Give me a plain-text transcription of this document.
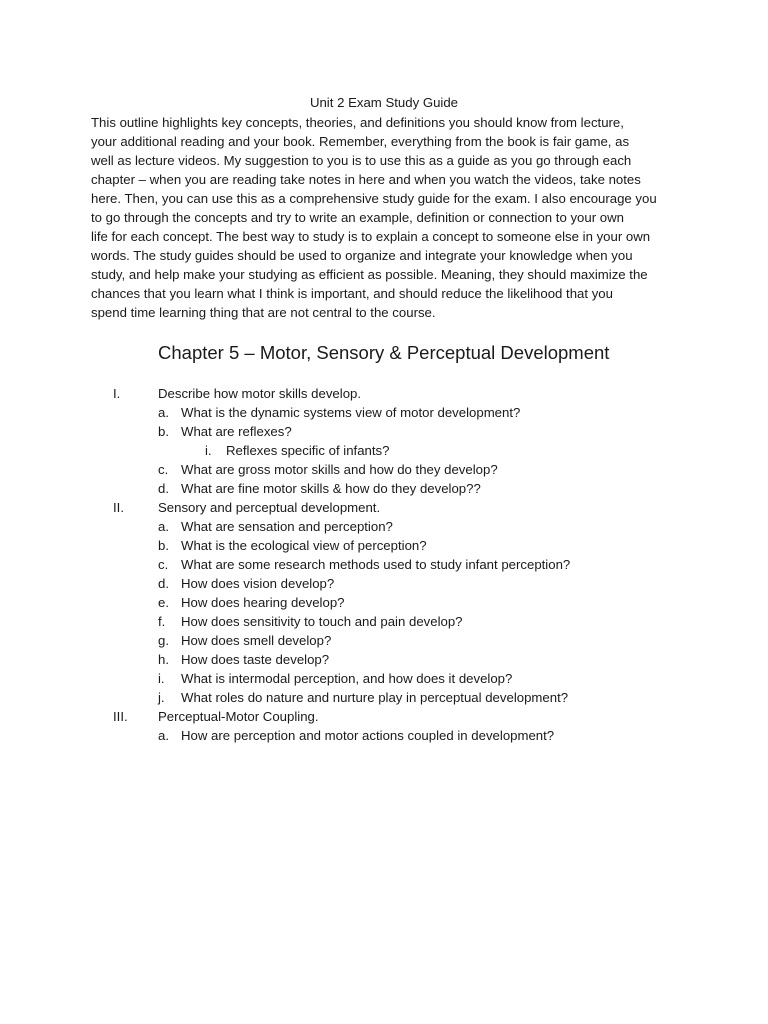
Unit 2 Exam Study Guide
This outline highlights key concepts, theories, and definitions you should know from lecture,
your additional reading and your book. Remember, everything from the book is fair game, as
well as lecture videos. My suggestion to you is to use this as a guide as you go through each
chapter – when you are reading take notes in here and when you watch the videos, take notes
here. Then, you can use this as a comprehensive study guide for the exam. I also encourage you
to go through the concepts and try to write an example, definition or connection to your own
life for each concept. The best way to study is to explain a concept to someone else in your own
words. The study guides should be used to organize and integrate your knowledge when you
study, and help make your studying as efficient as possible. Meaning, they should maximize the
chances that you learn what I think is important, and should reduce the likelihood that you
spend time learning thing that are not central to the course.
Chapter 5 – Motor, Sensory & Perceptual Development
I.	Describe how motor skills develop.
a. What is the dynamic systems view of motor development?
b. What are reflexes?
i. Reflexes specific of infants?
c. What are gross motor skills and how do they develop?
d. What are fine motor skills & how do they develop??
II.	Sensory and perceptual development.
a. What are sensation and perception?
b. What is the ecological view of perception?
c. What are some research methods used to study infant perception?
d. How does vision develop?
e. How does hearing develop?
f. How does sensitivity to touch and pain develop?
g. How does smell develop?
h. How does taste develop?
i. What is intermodal perception, and how does it develop?
j. What roles do nature and nurture play in perceptual development?
III. Perceptual-Motor Coupling.
a. How are perception and motor actions coupled in development?
